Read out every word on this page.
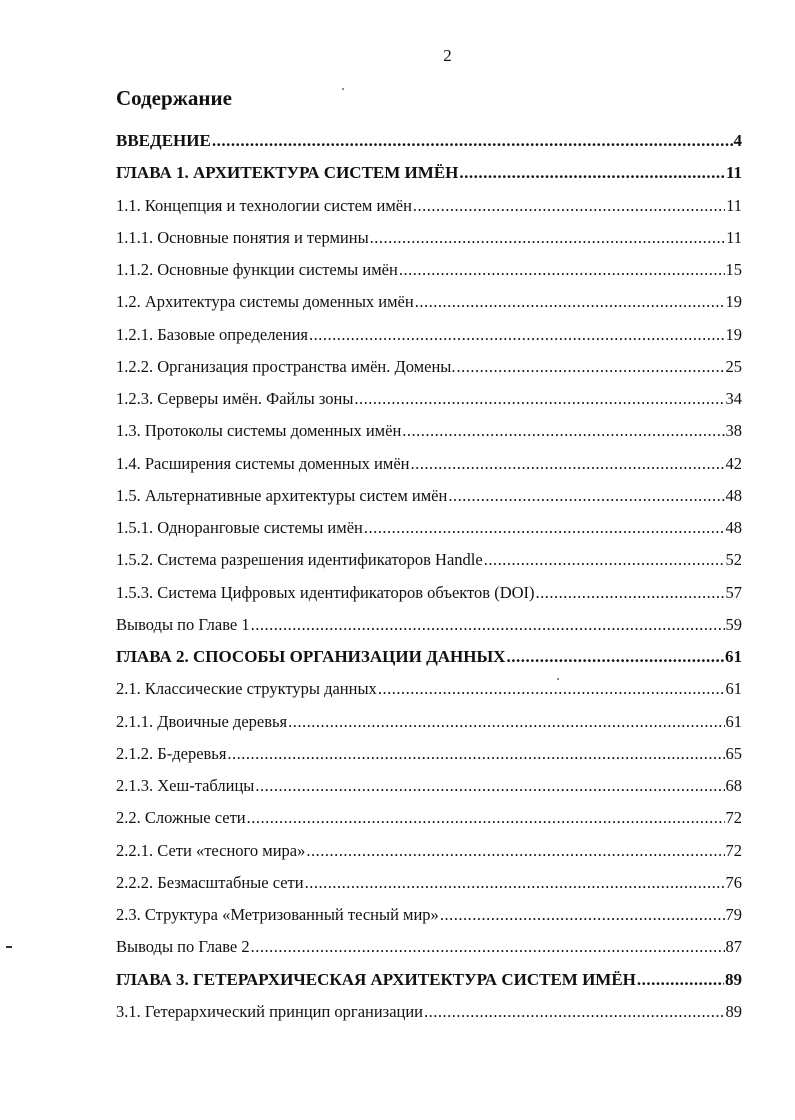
2
Содержание
ВВЕДЕНИЕ .....	4
ГЛАВА 1. АРХИТЕКТУРА СИСТЕМ ИМЁН .....	11
1.1. Концепция и технологии систем имён .....	11
1.1.1. Основные понятия и термины .....	11
1.1.2. Основные функции системы имён .....	15
1.2. Архитектура системы доменных имён .....	19
1.2.1. Базовые определения .....	19
1.2.2. Организация пространства имён. Домены. .....	25
1.2.3. Серверы имён. Файлы зоны .....	34
1.3. Протоколы системы доменных имён .....	38
1.4. Расширения системы доменных имён .....	42
1.5. Альтернативные архитектуры систем имён .....	48
1.5.1. Одноранговые системы имён .....	48
1.5.2. Система разрешения идентификаторов Handle .....	52
1.5.3. Система Цифровых идентификаторов объектов (DOI) .....	57
Выводы по Главе 1 .....	59
ГЛАВА 2. СПОСОБЫ ОРГАНИЗАЦИИ ДАННЫХ .....	61
2.1. Классические структуры данных .....	61
2.1.1. Двоичные деревья .....	61
2.1.2. Б-деревья .....	65
2.1.3. Хеш-таблицы .....	68
2.2. Сложные сети .....	72
2.2.1. Сети «тесного мира» .....	72
2.2.2. Безмасштабные сети .....	76
2.3. Структура «Метризованный тесный мир» .....	79
Выводы по Главе 2 .....	87
ГЛАВА 3. ГЕТЕРАРХИЧЕСКАЯ АРХИТЕКТУРА СИСТЕМ ИМЁН .....	89
3.1. Гетерархический принцип организации .....	89
